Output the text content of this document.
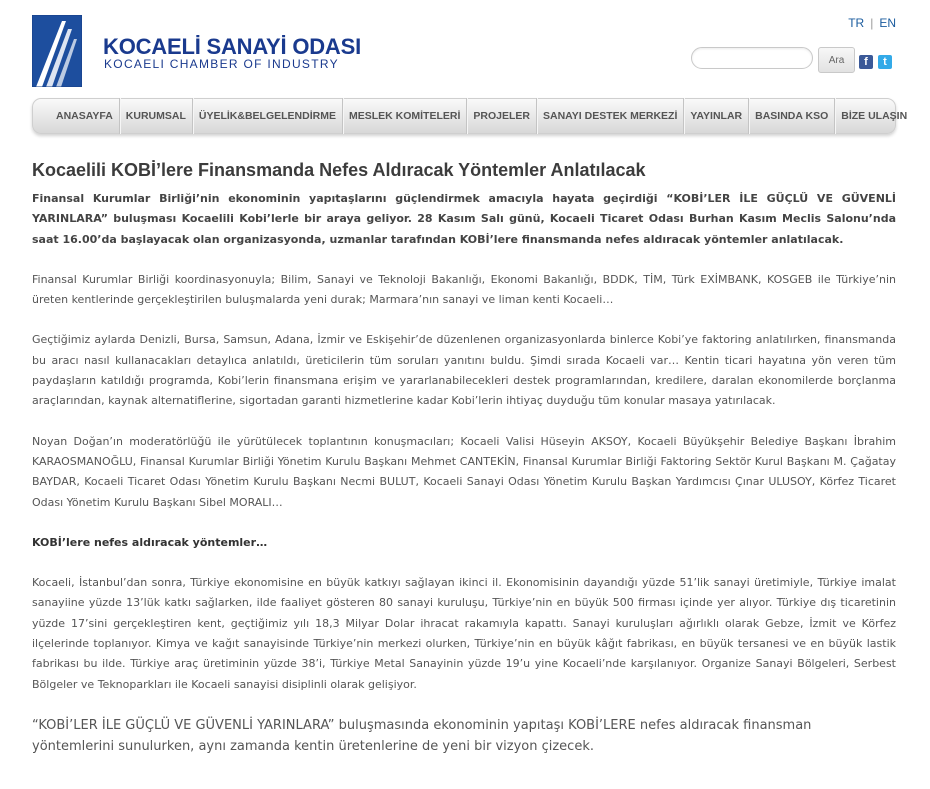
KOCAELİ SANAYİ ODASI
KOCAELI CHAMBER OF INDUSTRY
TR | EN
Ara	f	t
ANASAYFA	KURUMSAL	ÜYELİK&BELGELENDİRME	MESLEK KOMİTELERİ	PROJELER	SANAYI DESTEK MERKEZİ	YAYINLAR	BASINDA KSO	BİZE ULAŞIN
Kocaelili KOBİ’lere Finansmanda Nefes Aldıracak Yöntemler Anlatılacak

Finansal Kurumlar Birliği’nin ekonominin yapıtaşlarını güçlendirmek amacıyla hayata geçirdiği “KOBİ’LER İLE GÜÇLÜ VE GÜVENLİ YARINLARA” buluşması Kocaelili Kobi’lerle bir araya geliyor. 28 Kasım Salı günü, Kocaeli Ticaret Odası Burhan Kasım Meclis Salonu’nda saat 16.00’da başlayacak olan organizasyonda, uzmanlar tarafından KOBİ’lere finansmanda nefes aldıracak yöntemler anlatılacak.

Finansal Kurumlar Birliği koordinasyonuyla; Bilim, Sanayi ve Teknoloji Bakanlığı, Ekonomi Bakanlığı, BDDK, TİM, Türk EXİMBANK, KOSGEB ile Türkiye’nin üreten kentlerinde gerçekleştirilen buluşmalarda yeni durak; Marmara’nın sanayi ve liman kenti Kocaeli…

Geçtiğimiz aylarda Denizli, Bursa, Samsun, Adana, İzmir ve Eskişehir’de düzenlenen organizasyonlarda binlerce Kobi’ye faktoring anlatılırken, finansmanda bu aracı nasıl kullanacakları detaylıca anlatıldı, üreticilerin tüm soruları yanıtını buldu. Şimdi sırada Kocaeli var… Kentin ticari hayatına yön veren tüm paydaşların katıldığı programda, Kobi’lerin finansmana erişim ve yararlanabilecekleri destek programlarından, kredilere, daralan ekonomilerde borçlanma araçlarından, kaynak alternatiflerine, sigortadan garanti hizmetlerine kadar Kobi’lerin ihtiyaç duyduğu tüm konular masaya yatırılacak.

Noyan Doğan’ın moderatörlüğü ile yürütülecek toplantının konuşmacıları; Kocaeli Valisi Hüseyin AKSOY, Kocaeli Büyükşehir Belediye Başkanı İbrahim KARAOSMANOĞLU, Finansal Kurumlar Birliği Yönetim Kurulu Başkanı Mehmet CANTEKİN, Finansal Kurumlar Birliği Faktoring Sektör Kurul Başkanı M. Çağatay BAYDAR, Kocaeli Ticaret Odası Yönetim Kurulu Başkanı Necmi BULUT, Kocaeli Sanayi Odası Yönetim Kurulu Başkan Yardımcısı Çınar ULUSOY, Körfez Ticaret Odası Yönetim Kurulu Başkanı Sibel MORALI…

KOBİ’lere nefes aldıracak yöntemler…

Kocaeli, İstanbul’dan sonra, Türkiye ekonomisine en büyük katkıyı sağlayan ikinci il. Ekonomisinin dayandığı yüzde 51’lik sanayi üretimiyle, Türkiye imalat sanayiine yüzde 13’lük katkı sağlarken, ilde faaliyet gösteren 80 sanayi kuruluşu, Türkiye’nin en büyük 500 firması içinde yer alıyor. Türkiye dış ticaretinin yüzde 17’sini gerçekleştiren kent, geçtiğimiz yılı 18,3 Milyar Dolar ihracat rakamıyla kapattı. Sanayi kuruluşları ağırlıklı olarak Gebze, İzmit ve Körfez ilçelerinde toplanıyor. Kimya ve kağıt sanayisinde Türkiye’nin merkezi olurken, Türkiye’nin en büyük kâğıt fabrikası, en büyük tersanesi ve en büyük lastik fabrikası bu ilde. Türkiye araç üretiminin yüzde 38’i, Türkiye Metal Sanayinin yüzde 19’u yine Kocaeli’nde karşılanıyor. Organize Sanayi Bölgeleri, Serbest Bölgeler ve Teknoparkları ile Kocaeli sanayisi disiplinli olarak gelişiyor.

“KOBİ’LER İLE GÜÇLÜ VE GÜVENLİ YARINLARA” buluşmasında ekonominin yapıtaşı KOBİ’LERE nefes aldıracak finansman yöntemlerini sunulurken, aynı zamanda kentin üretenlerine de yeni bir vizyon çizecek.
